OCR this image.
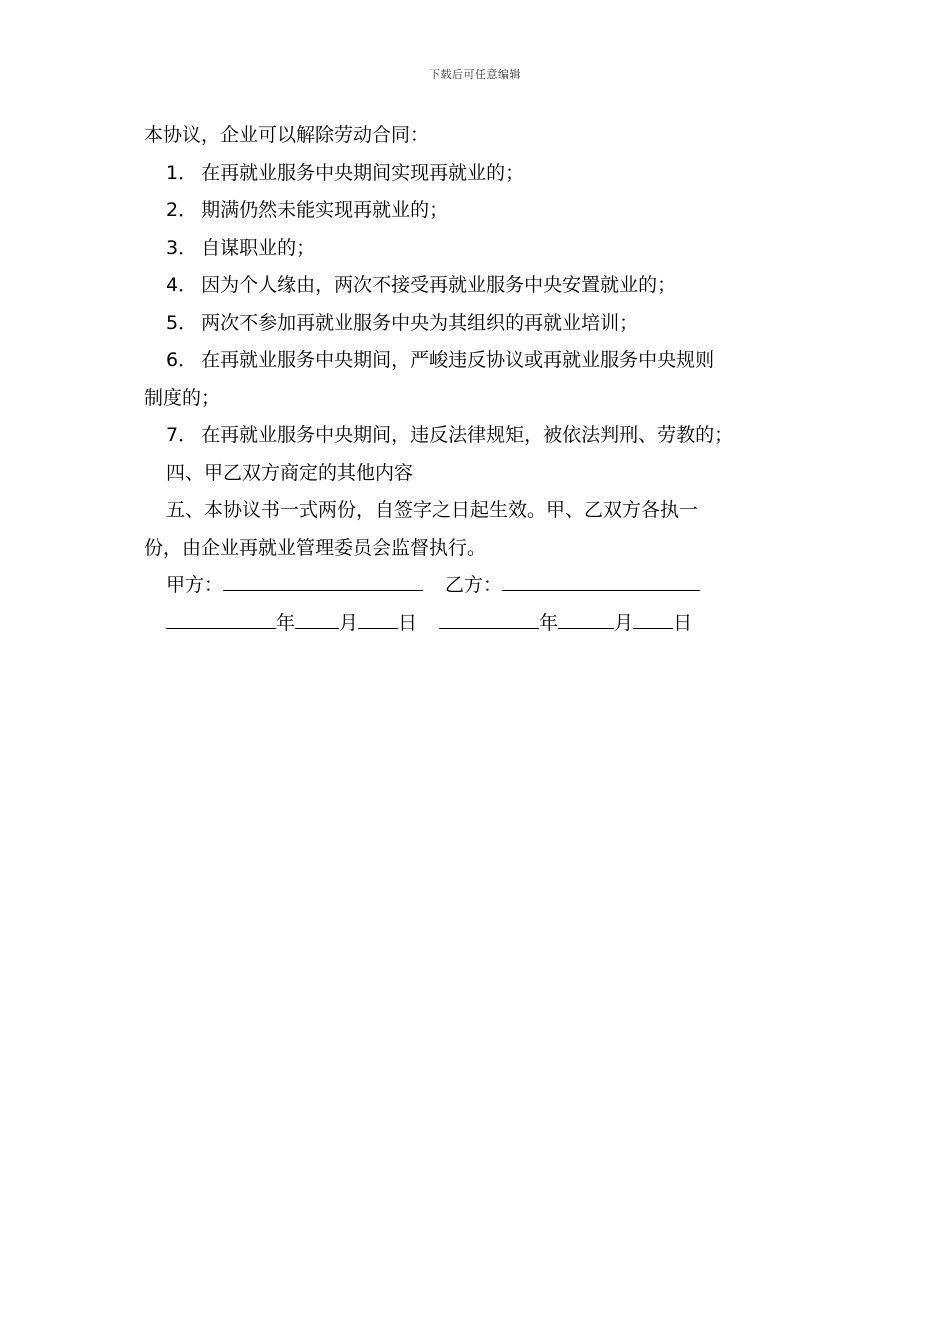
下载后可任意编辑
本协议，企业可以解除劳动合同：
1． 在再就业服务中央期间实现再就业的；
2． 期满仍然未能实现再就业的；
3． 自谋职业的；
4． 因为个人缘由，两次不接受再就业服务中央安置就业的；
5． 两次不参加再就业服务中央为其组织的再就业培训；
6． 在再就业服务中央期间，严峻违反协议或再就业服务中央规则
制度的；
7． 在再就业服务中央期间，违反法律规矩，被依法判刑、劳教的；
四、甲乙双方商定的其他内容
五、本协议书一式两份，自签字之日起生效。甲、乙双方各执一
份，由企业再就业管理委员会监督执行。
甲方：	乙方：
年 月 日	年	月 日
